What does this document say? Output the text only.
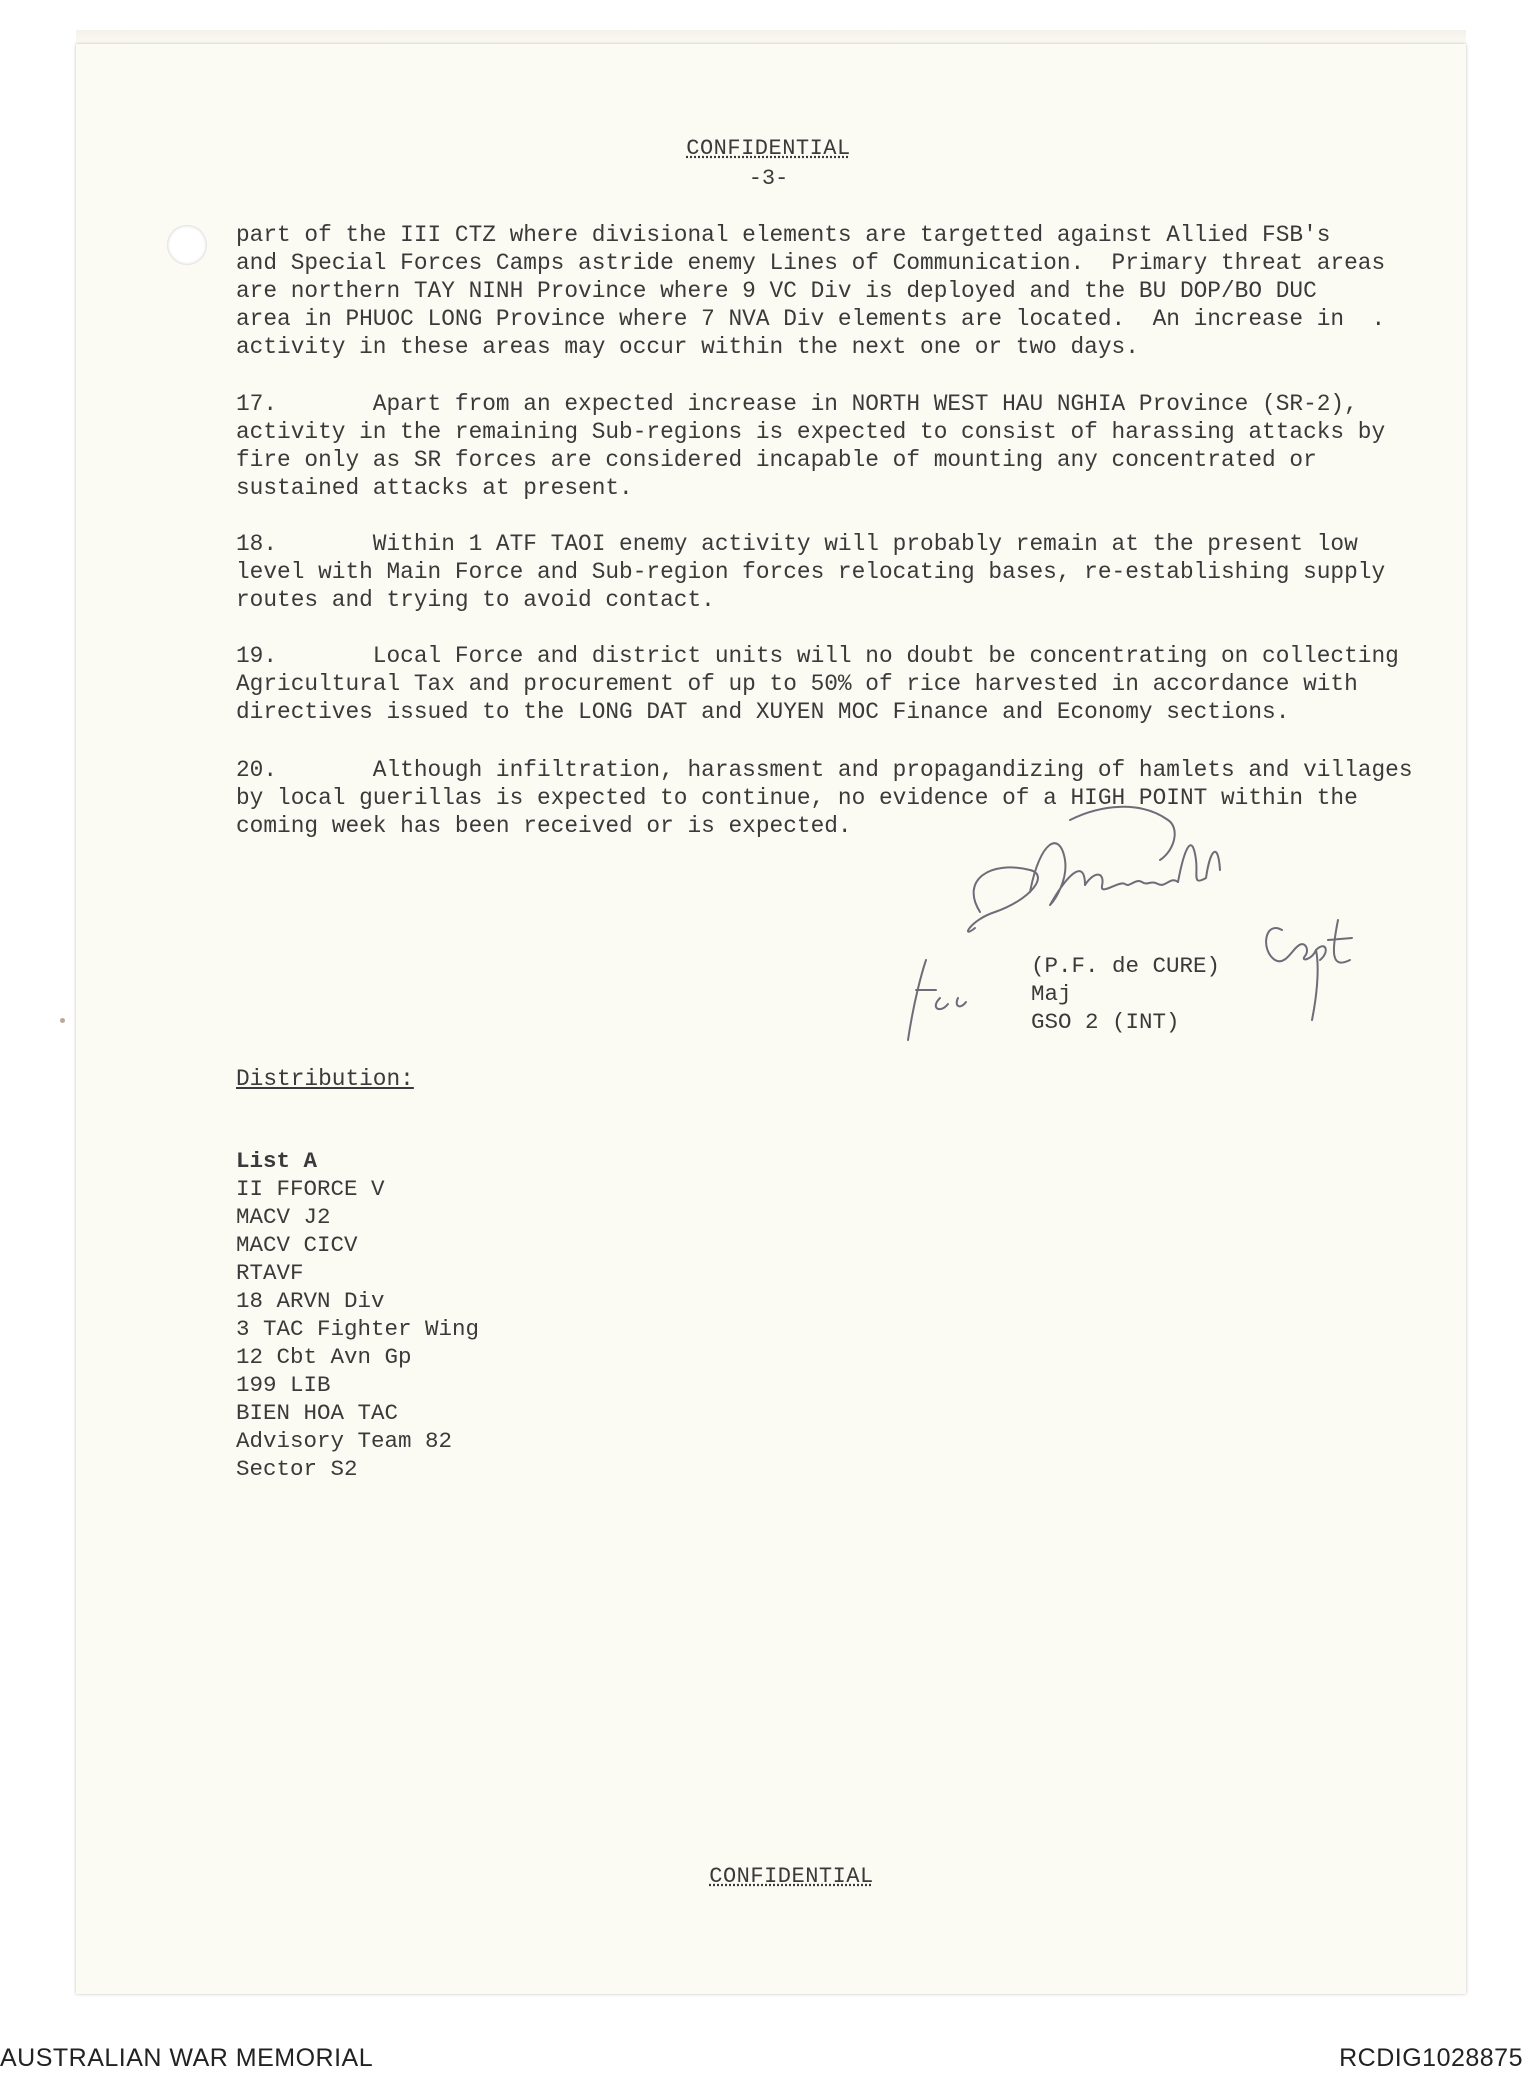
CONFIDENTIAL
-3-
part of the III CTZ where divisional elements are targetted against Allied FSB's
and Special Forces Camps astride enemy Lines of Communication.  Primary threat areas
are northern TAY NINH Province where 9 VC Div is deployed and the BU DOP/BO DUC
area in PHUOC LONG Province where 7 NVA Div elements are located.  An increase in  .
activity in these areas may occur within the next one or two days.
17.       Apart from an expected increase in NORTH WEST HAU NGHIA Province (SR-2),
activity in the remaining Sub-regions is expected to consist of harassing attacks by
fire only as SR forces are considered incapable of mounting any concentrated or
sustained attacks at present.
18.       Within 1 ATF TAOI enemy activity will probably remain at the present low
level with Main Force and Sub-region forces relocating bases, re-establishing supply
routes and trying to avoid contact.
19.       Local Force and district units will no doubt be concentrating on collecting
Agricultural Tax and procurement of up to 50% of rice harvested in accordance with
directives issued to the LONG DAT and XUYEN MOC Finance and Economy sections.
20.       Although infiltration, harassment and propagandizing of hamlets and villages
by local guerillas is expected to continue, no evidence of a HIGH POINT within the
coming week has been received or is expected.
(P.F. de CURE)
Maj
GSO 2 (INT)
Distribution:
List A
II FFORCE V
MACV J2
MACV CICV
RTAVF
18 ARVN Div
3 TAC Fighter Wing
12 Cbt Avn Gp
199 LIB
BIEN HOA TAC
Advisory Team 82
Sector S2
CONFIDENTIAL
AUSTRALIAN WAR MEMORIAL	RCDIG1028875
